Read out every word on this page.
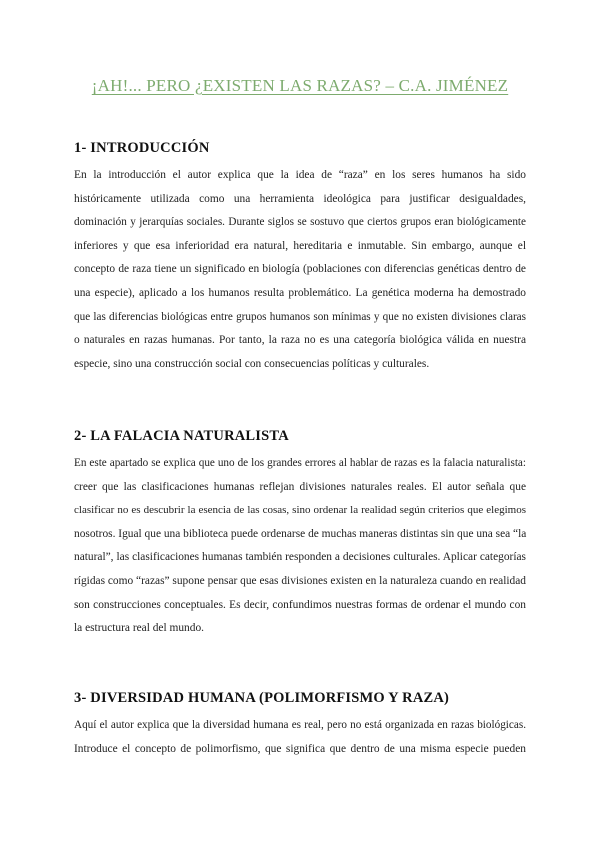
¡AH!... PERO ¿EXISTEN LAS RAZAS? – C.A. JIMÉNEZ
1- INTRODUCCIÓN
En la introducción el autor explica que la idea de “raza” en los seres humanos ha sido
históricamente utilizada como una herramienta ideológica para justificar desigualdades,
dominación y jerarquías sociales. Durante siglos se sostuvo que ciertos grupos eran biológicamente
inferiores y que esa inferioridad era natural, hereditaria e inmutable. Sin embargo, aunque el
concepto de raza tiene un significado en biología (poblaciones con diferencias genéticas dentro de
una especie), aplicado a los humanos resulta problemático. La genética moderna ha demostrado
que las diferencias biológicas entre grupos humanos son mínimas y que no existen divisiones claras
o naturales en razas humanas. Por tanto, la raza no es una categoría biológica válida en nuestra
especie, sino una construcción social con consecuencias políticas y culturales.
2- LA FALACIA NATURALISTA
En este apartado se explica que uno de los grandes errores al hablar de razas es la falacia naturalista:
creer que las clasificaciones humanas reflejan divisiones naturales reales. El autor señala que
clasificar no es descubrir la esencia de las cosas, sino ordenar la realidad según criterios que elegimos
nosotros. Igual que una biblioteca puede ordenarse de muchas maneras distintas sin que una sea “la
natural”, las clasificaciones humanas también responden a decisiones culturales. Aplicar categorías
rígidas como “razas” supone pensar que esas divisiones existen en la naturaleza cuando en realidad
son construcciones conceptuales. Es decir, confundimos nuestras formas de ordenar el mundo con
la estructura real del mundo.
3- DIVERSIDAD HUMANA (POLIMORFISMO Y RAZA)
Aquí el autor explica que la diversidad humana es real, pero no está organizada en razas biológicas.
Introduce el concepto de polimorfismo, que significa que dentro de una misma especie pueden
